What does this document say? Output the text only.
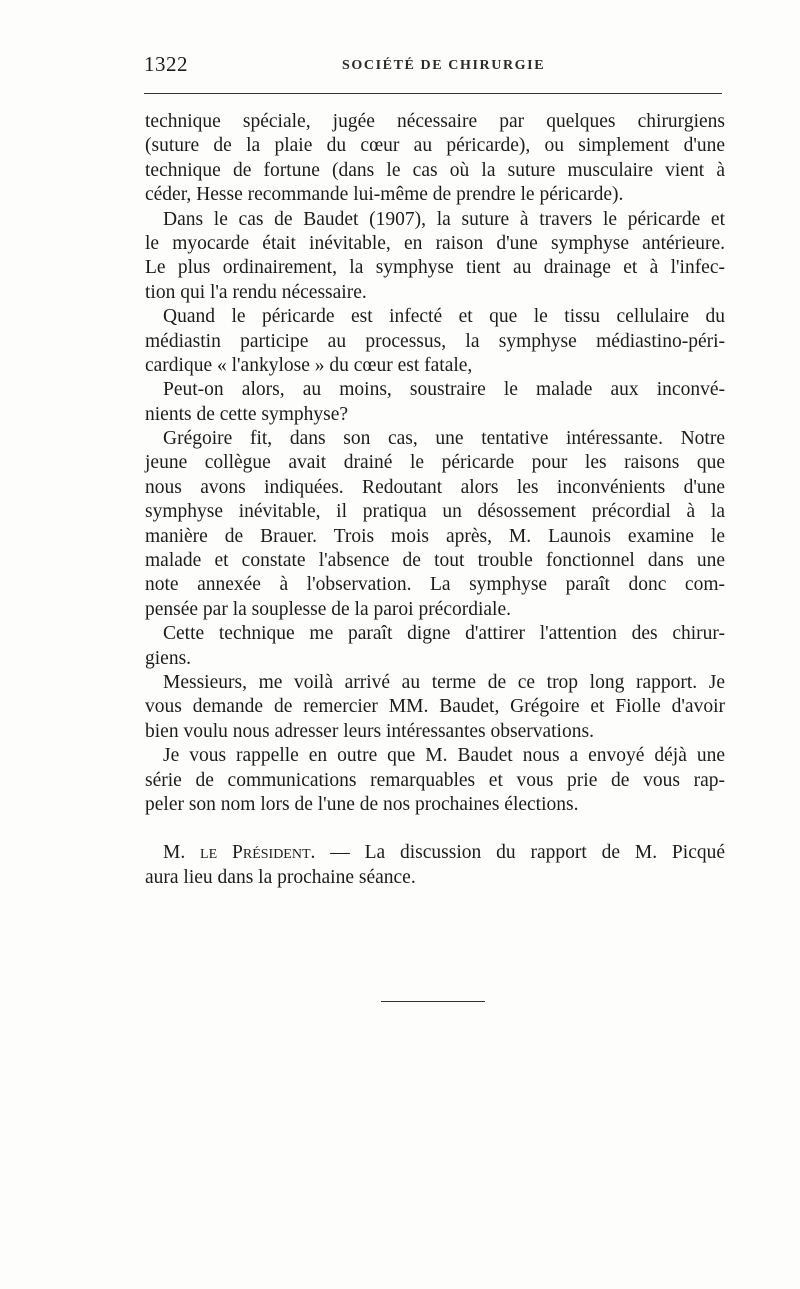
1322	SOCIÉTÉ DE CHIRURGIE
technique spéciale, jugée nécessaire par quelques chirurgiens
(suture de la plaie du cœur au péricarde), ou simplement d'une
technique de fortune (dans le cas où la suture musculaire vient à
céder, Hesse recommande lui-même de prendre le péricarde).
Dans le cas de Baudet (1907), la suture à travers le péricarde et
le myocarde était inévitable, en raison d'une symphyse antérieure.
Le plus ordinairement, la symphyse tient au drainage et à l'infec-
tion qui l'a rendu nécessaire.
Quand le péricarde est infecté et que le tissu cellulaire du
médiastin participe au processus, la symphyse médiastino-péri-
cardique « l'ankylose » du cœur est fatale,
Peut-on alors, au moins, soustraire le malade aux inconvé-
nients de cette symphyse?
Grégoire fit, dans son cas, une tentative intéressante. Notre
jeune collègue avait drainé le péricarde pour les raisons que
nous avons indiquées. Redoutant alors les inconvénients d'une
symphyse inévitable, il pratiqua un désossement précordial à la
manière de Brauer. Trois mois après, M. Launois examine le
malade et constate l'absence de tout trouble fonctionnel dans une
note annexée à l'observation. La symphyse paraît donc com-
pensée par la souplesse de la paroi précordiale.
Cette technique me paraît digne d'attirer l'attention des chirur-
giens.
Messieurs, me voilà arrivé au terme de ce trop long rapport. Je
vous demande de remercier MM. Baudet, Grégoire et Fiolle d'avoir
bien voulu nous adresser leurs intéressantes observations.
Je vous rappelle en outre que M. Baudet nous a envoyé déjà une
série de communications remarquables et vous prie de vous rap-
peler son nom lors de l'une de nos prochaines élections.
M. le Président. — La discussion du rapport de M. Picqué
aura lieu dans la prochaine séance.
